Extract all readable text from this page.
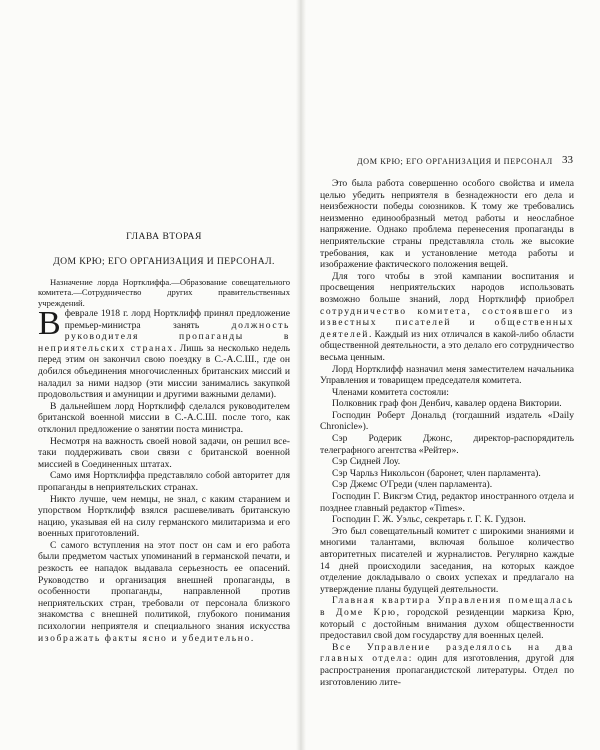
ГЛАВА ВТОРАЯ
ДОМ КРЮ; ЕГО ОРГАНИЗАЦИЯ И ПЕРСОНАЛ.
Назначение лорда Нортклиффа.—Образование совещательного комитета.—Сотрудничество других правительственных учреждений.

Вфеврале 1918 г. лорд Нортклифф принял предложение премьер-министра занять должность руководителя пропаганды в неприятельских странах. Лишь за несколько недель перед этим он закончил свою поездку в С.-А.С.Ш., где он добился объединения многочисленных британских миссий и наладил за ними надзор (эти миссии занимались закупкой продовольствия и амуниции и другими важными делами).

В дальнейшем лорд Нортклифф сделался руководителем британской военной миссии в С.-А.С.Ш. после того, как отклонил предложение о занятии поста министра.

Несмотря на важность своей новой задачи, он решил все-таки поддерживать свои связи с британской военной миссией в Соединенных штатах.

Само имя Нортклиффа представляло собой авторитет для пропаганды в неприятельских странах.

Никто лучше, чем немцы, не знал, с каким старанием и упорством Нортклифф взялся расшевеливать британскую нацию, указывая ей на силу германского милитаризма и его военных приготовлений.

С самого вступления на этот пост он сам и его работа были предметом частых упоминаний в германской печати, и резкость ее нападок выдавала серьезность ее опасений. Руководство и организация внешней пропаганды, в особенности пропаганды, направленной против неприятельских стран, требовали от персонала близкого знакомства с внешней политикой, глубокого понимания психологии неприятеля и специального знания искусства изображать факты ясно и убедительно.

ДОМ КРЮ; ЕГО ОРГАНИЗАЦИЯ И ПЕРСОНАЛ 33

Это была работа совершенно особого свойства и имела целью убедить неприятеля в безнадежности его дела и неизбежности победы союзников. К тому же требовались неизменно единообразный метод работы и неослабное напряжение. Однако проблема перенесения пропаганды в неприятельские страны представляла столь же высокие требования, как и установление метода работы и изображение фактического положения вещей.

Для того чтобы в этой кампании воспитания и просвещения неприятельских народов использовать возможно больше знаний, лорд Нортклифф приобрел сотрудничество комитета, состоявшего из известных писателей и общественных деятелей. Каждый из них отличался в какой-либо области общественной деятельности, а это делало его сотрудничество весьма ценным.

Лорд Нортклифф назначил меня заместителем начальника Управления и товарищем председателя комитета.

Членами комитета состояли:

Полковник граф фон Денбич, кавалер ордена Виктории.

Господин Роберт Дональд (тогдашний издатель «Daily Chronicle»).

Сэр Родерик Джонс, директор-распорядитель телеграфного агентства «Рейтер».

Сэр Сидней Лоу.

Сэр Чарльз Никольсон (баронет, член парламента).

Сэр Джемс О'Греди (член парламента).

Господин Г. Викгэм Стид, редактор иностранного отдела и позднее главный редактор «Times».

Господин Г. Ж. Уэльс, секретарь г. Г. К. Гудзон.

Это был совещательный комитет с широкими знаниями и многими талантами, включая большое количество авторитетных писателей и журналистов. Регулярно каждые 14 дней происходили заседания, на которых каждое отделение докладывало о своих успехах и предлагало на утверждение планы будущей деятельности.

Главная квартира Управления помещалась в Доме Крю, городской резиденции маркиза Крю, который с достойным внимания духом общественности предоставил свой дом государству для военных целей.

Все Управление разделялось на два главных отдела: один для изготовления, другой для распространения пропагандистской литературы. Отдел по изготовлению лите-
